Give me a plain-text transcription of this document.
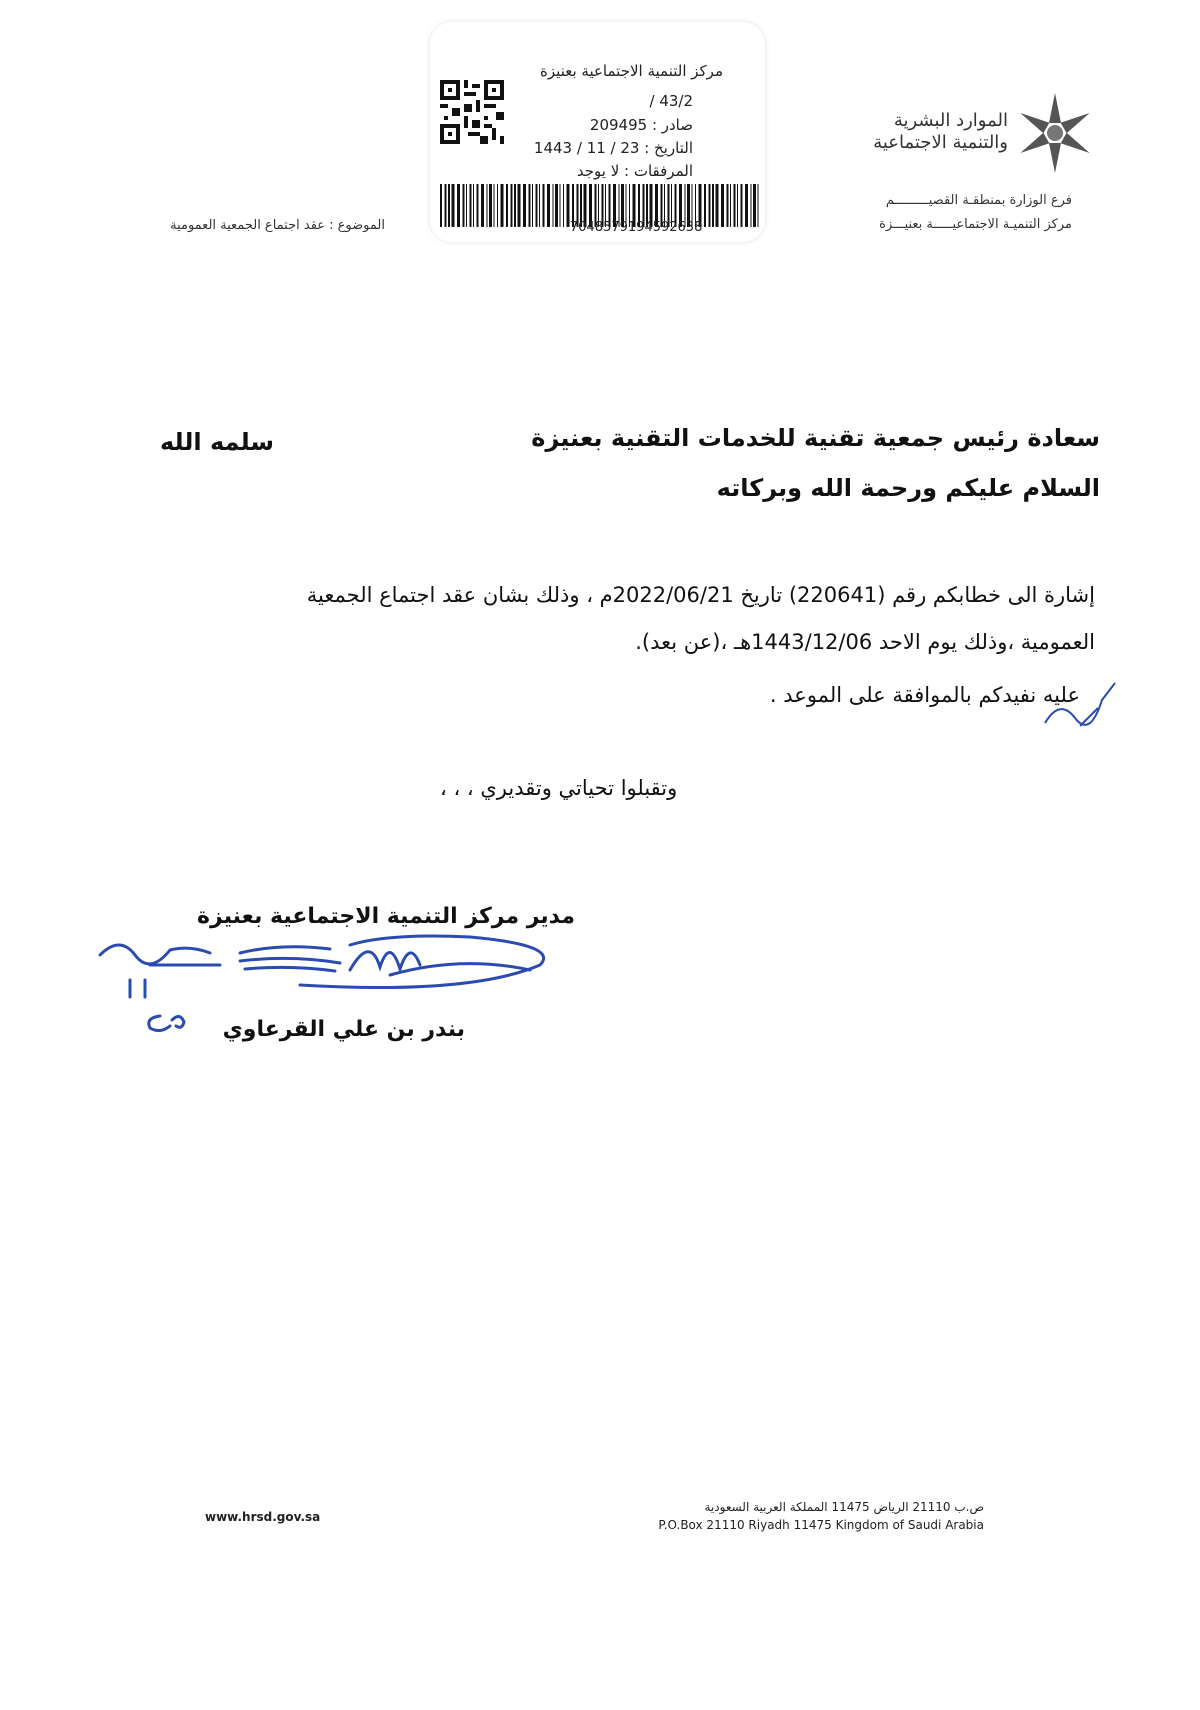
الموارد البشرية
والتنمية الاجتماعية
فرع الوزارة بمنطقـة القصيـــــــــم
مركز التنميـة الاجتماعيـــــة بعنيـــزة
مركز التنمية الاجتماعية بعنيزة
43/2 /
صادر : 209495
التاريخ : 23 / 11 / 1443
المرفقات : لا يوجد
7048579194592638
الموضوع : عقد اجتماع الجمعية العمومية
سعادة رئيس جمعية تقنية للخدمات التقنية بعنيزة
سلمه الله
السلام عليكم ورحمة الله وبركاته
إشارة الى خطابكم رقم (220641) تاريخ 2022/06/21م ، وذلك بشان عقد اجتماع الجمعية
العمومية ،وذلك يوم الاحد 1443/12/06هـ ،(عن بعد).
عليه نفيدكم بالموافقة على الموعد .
وتقبلوا تحياتي وتقديري ، ، ،
مدير مركز التنمية الاجتماعية بعنيزة
بندر بن علي القرعاوي
www.hrsd.gov.sa
ص.ب 21110 الرياض 11475 المملكة العربية السعودية
P.O.Box 21110 Riyadh 11475 Kingdom of Saudi Arabia
